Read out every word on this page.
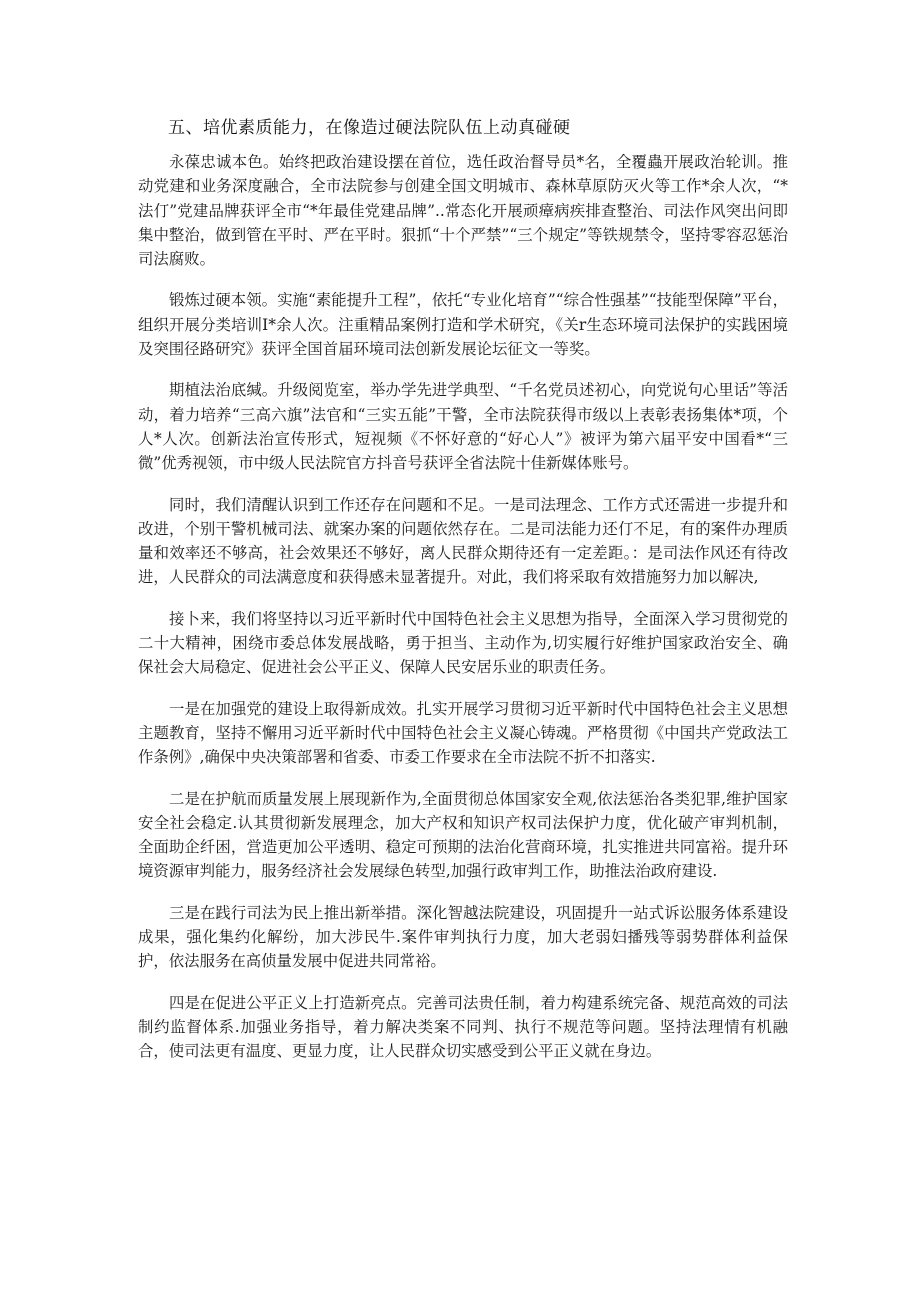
五、培优素质能力，在像造过硬法院队伍上动真碰硬

永葆忠诚本色。始终把政治建设摆在首位，选任政治督导员*名，全覆蟲开展政治轮训。推动党建和业务深度融合，全市法院参与创建全国文明城市、森林草原防灭火等工作*余人次，“*法仃”党建品牌获评全市“*年最佳党建品牌”..常态化开展顽瘴病疾排查整治、司法作风突出问即集中整治，做到管在平时、严在平时。狠抓“十个严禁”“三个规定”等铁规禁令，坚持零容忍惩治司法腐败。

锻炼过硬本领。实施“素能提升工程”，依托“专业化培育”“综合性强基”“技能型保障”平台，组织开展分类培训I*余人次。注重精品案例打造和学术研究，《关r生态环境司法保护的实践困境及突围径路研究》获评全国首届环境司法创新发展论坛征文一等奖。

期植法治底缄。升级阅览室，举办学先进学典型、“千名党员述初心，向党说句心里话”等活动，着力培养“三高六旗”法官和“三实五能”干警，全市法院获得市级以上表彰表扬集体*项，个人*人次。创新法治宣传形式，短视频《不怀好意的“好心人”》被评为第六届平安中国看*“三微”优秀视领，市中级人民法院官方抖音号获评全省法院十佳新媒体账号。

同时，我们清醒认识到工作还存在问题和不足。一是司法理念、工作方式还需进一步提升和改进，个别干警机械司法、就案办案的问题依然存在。二是司法能力还仃不足，有的案件办理质量和效率还不够高，社会效果还不够好，离人民群众期待还有一定差距。：是司法作风还有待改进，人民群众的司法满意度和获得感未显著提升。对此，我们将采取有效措施努力加以解决,

接卜来，我们将坚持以习近平新时代中国特色社会主义思想为指导，全面深入学习贯彻党的二十大精神，困绕市委总体发展战略，勇于担当、主动作为,切实履行好维护国家政治安全、确保社会大局稳定、促进社会公平正义、保障人民安居乐业的职责任务。

一是在加强党的建设上取得新成效。扎实开展学习贯彻习近平新时代中国特色社会主义思想主题教育，坚持不懈用习近平新时代中国特色社会主义凝心铸魂。严格贯彻《中国共产党政法工作条例》,确保中央决策部署和省委、市委工作要求在全市法院不折不扣落实.

二是在护航而质量发展上展现新作为,全面贯彻总体国家安全观,依法惩治各类犯罪,维护国家安全社会稳定.认其贯彻新发展理念，加大产权和知识产权司法保护力度，优化破产审判机制，全面助企纤困，営造更加公平透明、稳定可预期的法治化营商环境，扎实推进共同富裕。提升环境资源审判能力，服务经济社会发展绿色转型,加强行政审判工作，助推法治政府建设.

三是在践行司法为民上推出新举措。深化智越法院建设，巩固提升一站式诉讼服务体系建设成果，强化集约化解纷，加大涉民牛.案件审判执行力度，加大老弱妇播残等弱势群体利益保护，依法服务在高侦量发展中促进共同常裕。

四是在促进公平正义上打造新亮点。完善司法贵任制，着力构建系统完备、规范高效的司法制约监督体系.加强业务指导，着力解决类案不同判、执行不规范等问题。坚持法理情有机融合，使司法更有温度、更显力度，让人民群众切实感受到公平正义就在身边。
